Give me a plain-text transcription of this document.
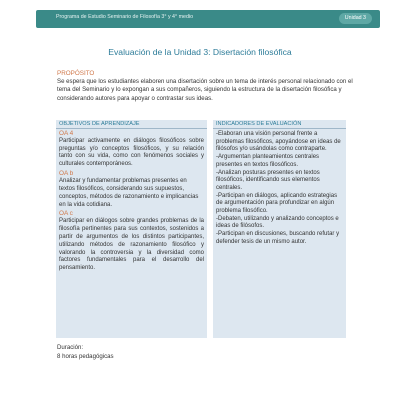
Programa de Estudio Seminario de Filosofía 3° y 4° medio	Unidad 3
Evaluación de la Unidad 3: Disertación filosófica
PROPÓSITO
Se espera que los estudiantes elaboren una disertación sobre un tema de interés personal relacionado con el tema del Seminario y lo expongan a sus compañeros, siguiendo la estructura de la disertación filosófica y considerando autores para apoyar o contrastar sus ideas.
OBJETIVOS DE APRENDIZAJE
OA 4
Participar activamente en diálogos filosóficos sobre preguntas y/o conceptos filosóficos, y su relación tanto con su vida, como con fenómenos sociales y culturales contemporáneos.
OA b
Analizar y fundamentar problemas presentes en textos filosóficos, considerando sus supuestos, conceptos, métodos de razonamiento e implicancias en la vida cotidiana.
OA c
Participar en diálogos sobre grandes problemas de la filosofía pertinentes para sus contextos, sostenidos a partir de argumentos de los distintos participantes, utilizando métodos de razonamiento filosófico y valorando la controversia y la diversidad como factores fundamentales para el desarrollo del pensamiento.
INDICADORES DE EVALUACIÓN
-Elaboran una visión personal frente a problemas filosóficos, apoyándose en ideas de filósofos y/o usándolas como contraparte.
-Argumentan planteamientos centrales presentes en textos filosóficos.
-Analizan posturas presentes en textos filosóficos, identificando sus elementos centrales.
-Participan en diálogos, aplicando estrategias de argumentación para profundizar en algún problema filosófico.
-Debaten, utilizando y analizando conceptos e ideas de filósofos.
-Participan en discusiones, buscando refutar y defender tesis de un mismo autor.
Duración:
8 horas pedagógicas
